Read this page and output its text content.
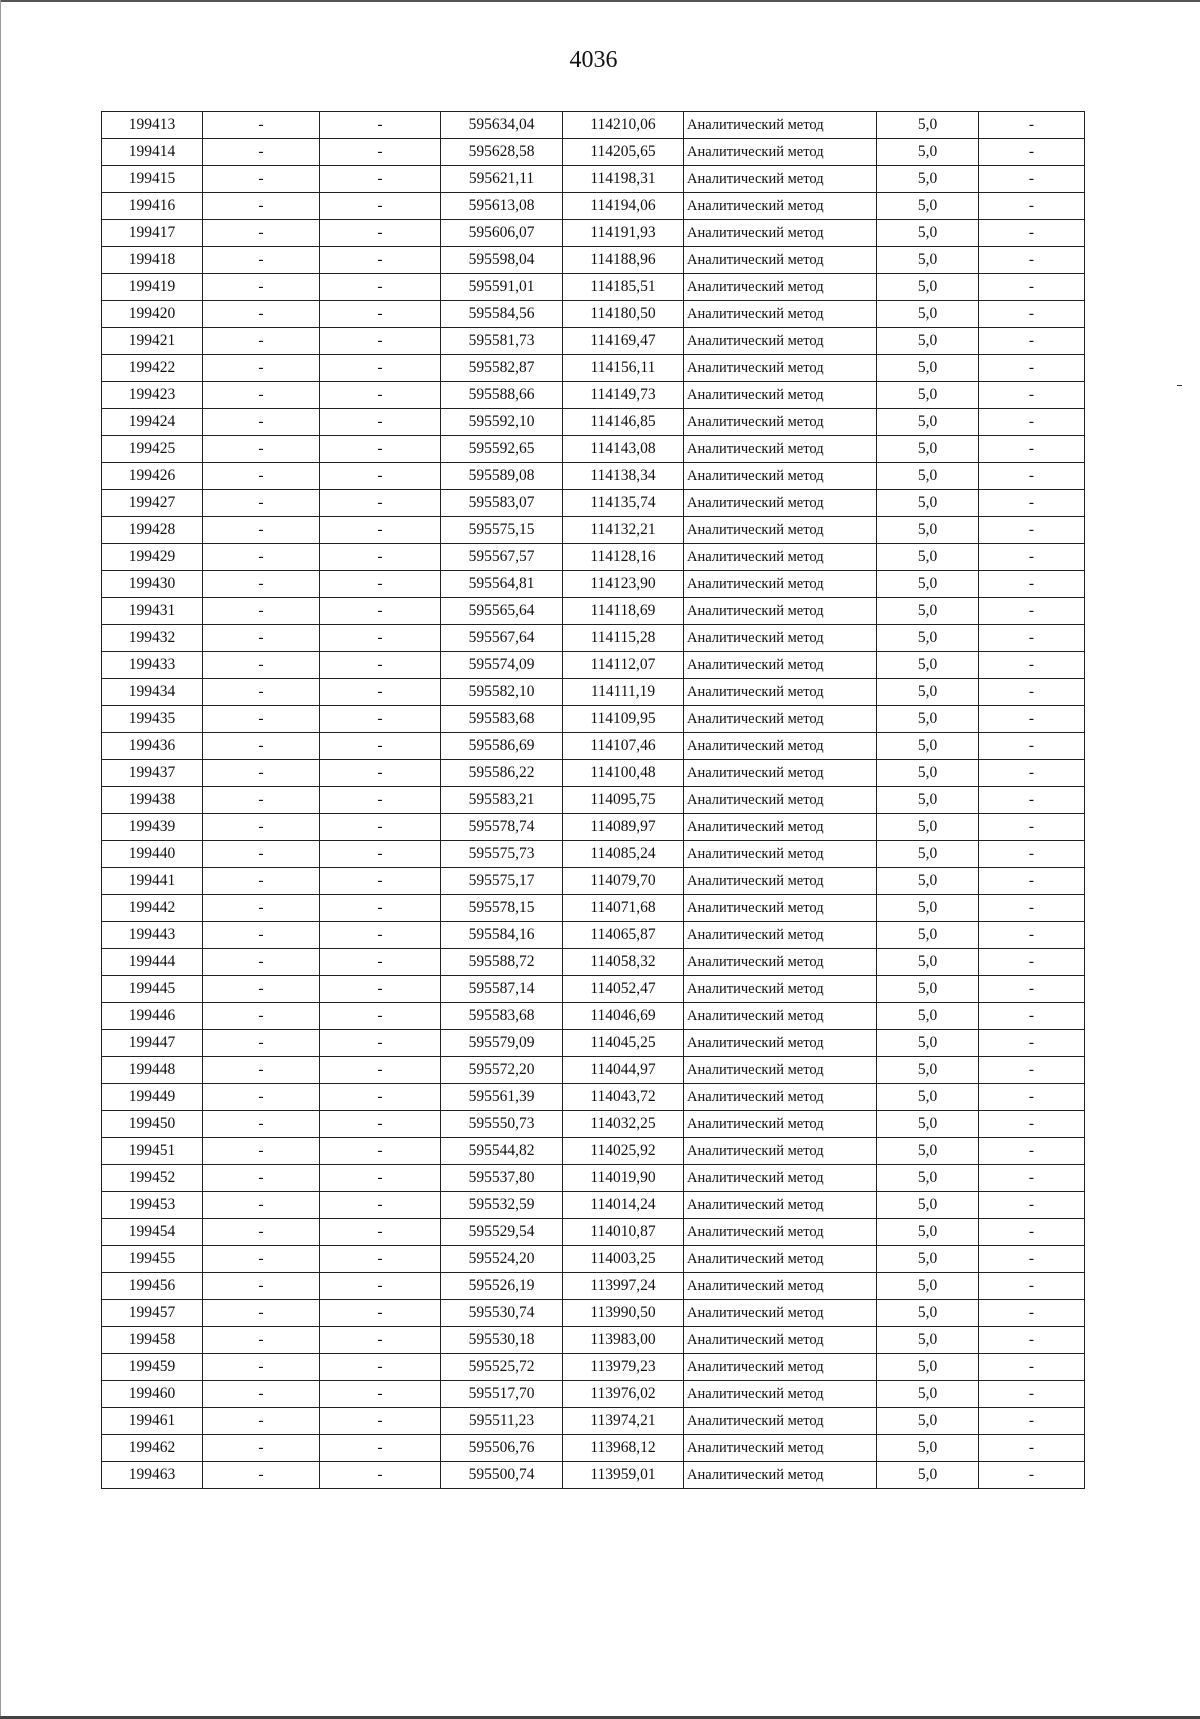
4036
199413	-	-	595634,04	114210,06	Аналитический метод	5,0	-
199414	-	-	595628,58	114205,65	Аналитический метод	5,0	-
199415	-	-	595621,11	114198,31	Аналитический метод	5,0	-
199416	-	-	595613,08	114194,06	Аналитический метод	5,0	-
199417	-	-	595606,07	114191,93	Аналитический метод	5,0	-
199418	-	-	595598,04	114188,96	Аналитический метод	5,0	-
199419	-	-	595591,01	114185,51	Аналитический метод	5,0	-
199420	-	-	595584,56	114180,50	Аналитический метод	5,0	-
199421	-	-	595581,73	114169,47	Аналитический метод	5,0	-
199422	-	-	595582,87	114156,11	Аналитический метод	5,0	-
199423	-	-	595588,66	114149,73	Аналитический метод	5,0	-
199424	-	-	595592,10	114146,85	Аналитический метод	5,0	-
199425	-	-	595592,65	114143,08	Аналитический метод	5,0	-
199426	-	-	595589,08	114138,34	Аналитический метод	5,0	-
199427	-	-	595583,07	114135,74	Аналитический метод	5,0	-
199428	-	-	595575,15	114132,21	Аналитический метод	5,0	-
199429	-	-	595567,57	114128,16	Аналитический метод	5,0	-
199430	-	-	595564,81	114123,90	Аналитический метод	5,0	-
199431	-	-	595565,64	114118,69	Аналитический метод	5,0	-
199432	-	-	595567,64	114115,28	Аналитический метод	5,0	-
199433	-	-	595574,09	114112,07	Аналитический метод	5,0	-
199434	-	-	595582,10	114111,19	Аналитический метод	5,0	-
199435	-	-	595583,68	114109,95	Аналитический метод	5,0	-
199436	-	-	595586,69	114107,46	Аналитический метод	5,0	-
199437	-	-	595586,22	114100,48	Аналитический метод	5,0	-
199438	-	-	595583,21	114095,75	Аналитический метод	5,0	-
199439	-	-	595578,74	114089,97	Аналитический метод	5,0	-
199440	-	-	595575,73	114085,24	Аналитический метод	5,0	-
199441	-	-	595575,17	114079,70	Аналитический метод	5,0	-
199442	-	-	595578,15	114071,68	Аналитический метод	5,0	-
199443	-	-	595584,16	114065,87	Аналитический метод	5,0	-
199444	-	-	595588,72	114058,32	Аналитический метод	5,0	-
199445	-	-	595587,14	114052,47	Аналитический метод	5,0	-
199446	-	-	595583,68	114046,69	Аналитический метод	5,0	-
199447	-	-	595579,09	114045,25	Аналитический метод	5,0	-
199448	-	-	595572,20	114044,97	Аналитический метод	5,0	-
199449	-	-	595561,39	114043,72	Аналитический метод	5,0	-
199450	-	-	595550,73	114032,25	Аналитический метод	5,0	-
199451	-	-	595544,82	114025,92	Аналитический метод	5,0	-
199452	-	-	595537,80	114019,90	Аналитический метод	5,0	-
199453	-	-	595532,59	114014,24	Аналитический метод	5,0	-
199454	-	-	595529,54	114010,87	Аналитический метод	5,0	-
199455	-	-	595524,20	114003,25	Аналитический метод	5,0	-
199456	-	-	595526,19	113997,24	Аналитический метод	5,0	-
199457	-	-	595530,74	113990,50	Аналитический метод	5,0	-
199458	-	-	595530,18	113983,00	Аналитический метод	5,0	-
199459	-	-	595525,72	113979,23	Аналитический метод	5,0	-
199460	-	-	595517,70	113976,02	Аналитический метод	5,0	-
199461	-	-	595511,23	113974,21	Аналитический метод	5,0	-
199462	-	-	595506,76	113968,12	Аналитический метод	5,0	-
199463	-	-	595500,74	113959,01	Аналитический метод	5,0	-
